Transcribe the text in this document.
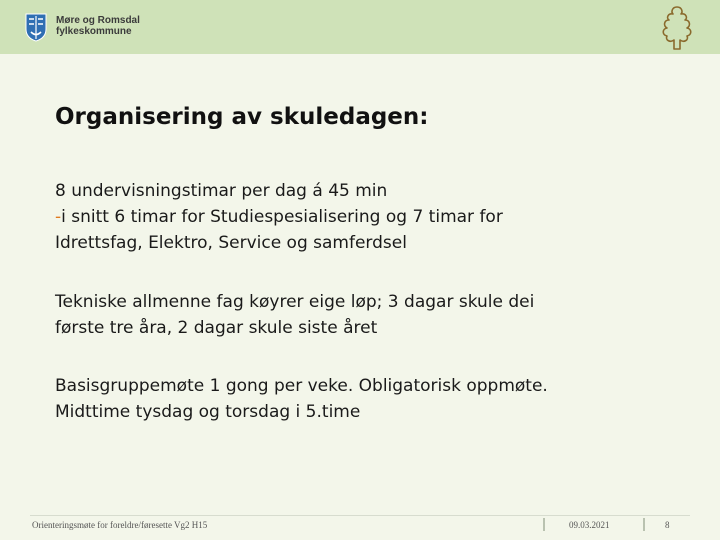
Møre og Romsdal
fylkeskommune
Organisering av skuledagen:

8 undervisningstimar per dag á 45 min
-i snitt 6 timar for Studiespesialisering og 7 timar for
Idrettsfag, Elektro, Service og samferdsel

Tekniske allmenne fag køyrer eige løp; 3 dagar skule dei
første tre åra, 2 dagar skule siste året

Basisgruppemøte 1 gong per veke. Obligatorisk oppmøte.
Midttime tysdag og torsdag i 5.time

Orienteringsmøte for foreldre/føresette Vg2 H15	09.03.2021	8
